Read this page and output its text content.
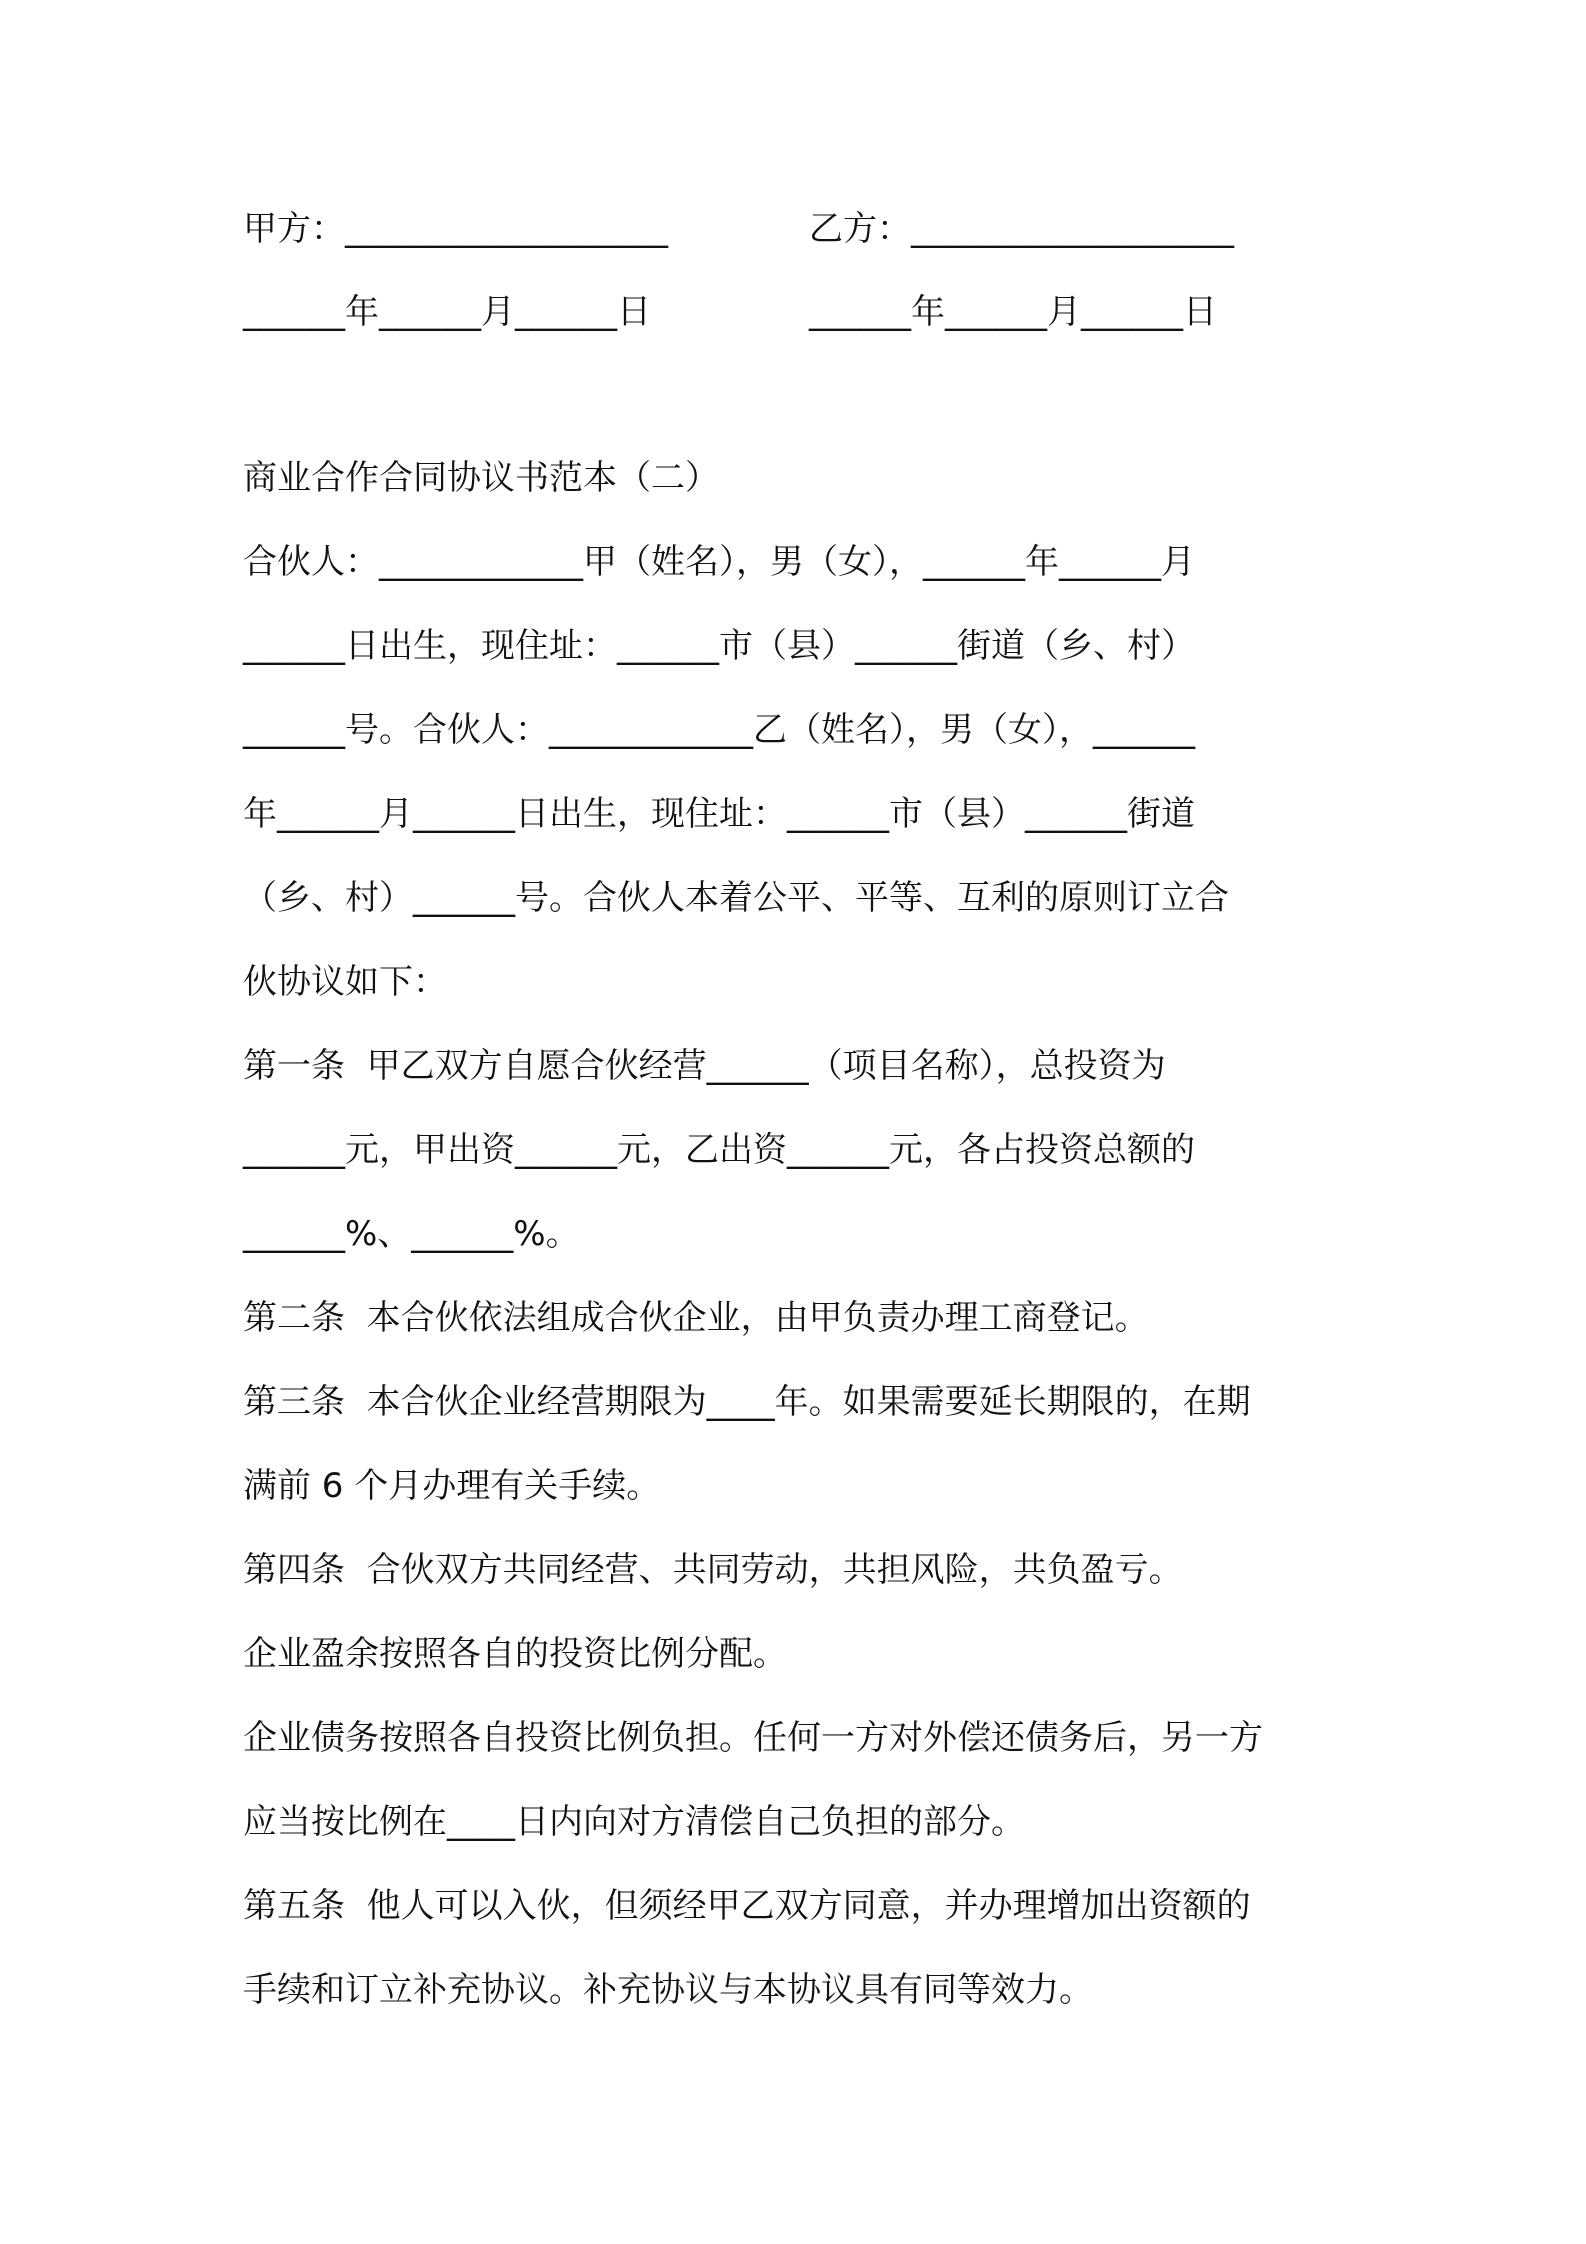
甲方：___________________

	乙方：___________________

______年______月______日

	______年______月______日

商业合作合同协议书范本（二）
合伙人：____________甲（姓名），男（女），______年______月
______日出生，现住址：______市（县）______街道（乡、村）
______号。合伙人：____________乙（姓名），男（女），______
年______月______日出生，现住址：______市（县）______街道
（乡、村）______号。合伙人本着公平、平等、互利的原则订立合
伙协议如下：
第一条  甲乙双方自愿合伙经营______（项目名称），总投资为
______元，甲出资______元，乙出资______元，各占投资总额的
______%、______%。
第二条  本合伙依法组成合伙企业，由甲负责办理工商登记。
第三条  本合伙企业经营期限为____年。如果需要延长期限的，在期
满前 6 个月办理有关手续。
第四条  合伙双方共同经营、共同劳动，共担风险，共负盈亏。
企业盈余按照各自的投资比例分配。
企业债务按照各自投资比例负担。任何一方对外偿还债务后，另一方
应当按比例在____日内向对方清偿自己负担的部分。
第五条  他人可以入伙，但须经甲乙双方同意，并办理增加出资额的
手续和订立补充协议。补充协议与本协议具有同等效力。
